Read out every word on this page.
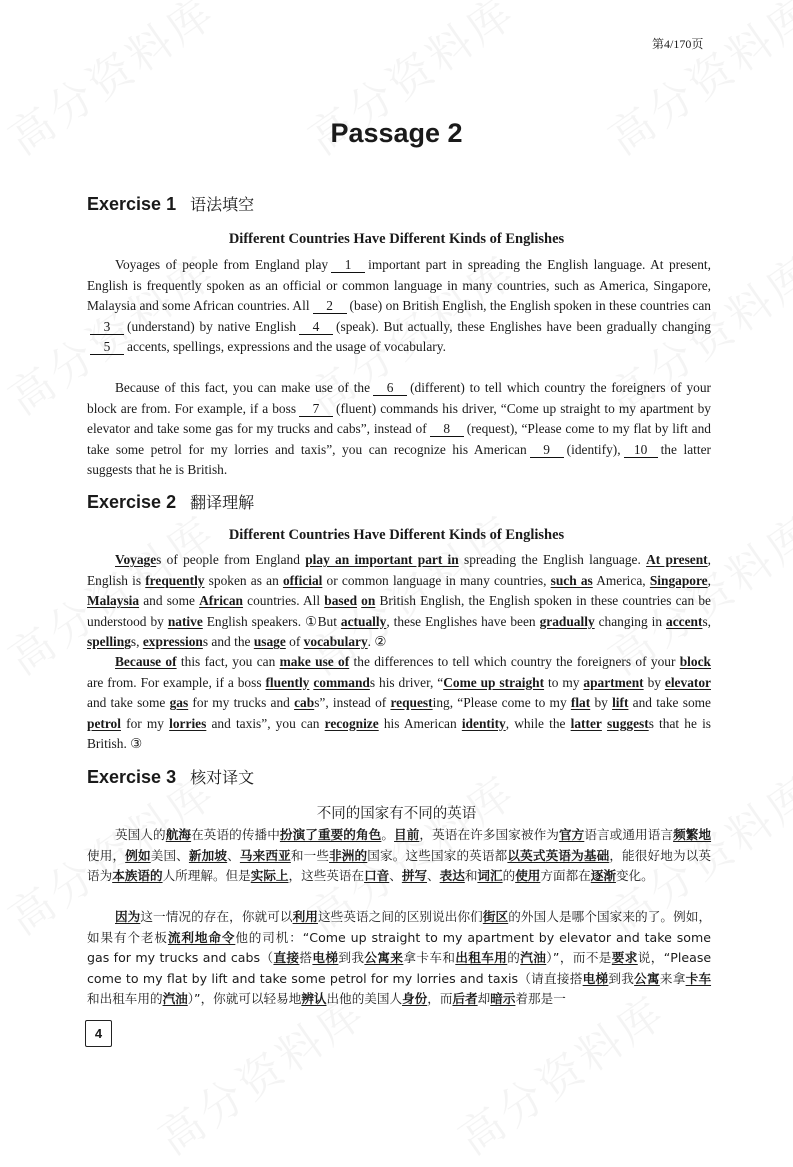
第4/170页
Passage 2
Exercise 1 语法填空
Different Countries Have Different Kinds of Englishes
Voyages of people from England play 1 important part in spreading the English language. At present, English is frequently spoken as an official or common language in many countries, such as America, Singapore, Malaysia and some African countries. All 2 (base) on British English, the English spoken in these countries can3 (understand) by native English 4 (speak). But actually, these Englishes have been gradually changing5 accents, spellings, expressions and the usage of vocabulary.
Because of this fact, you can make use of the 6 (different) to tell which country the foreigners of your block are from. For example, if a boss 7 (fluent) commands his driver, “Come up straight to my apartment by elevator and take some gas for my trucks and cabs”, instead of 8 (request), “Please come to my flat by lift and take some petrol for my lorries and taxis”, you can recognize his American 9 (identify), 10 the latter suggests that he is British.
Exercise 2 翻译理解
Different Countries Have Different Kinds of Englishes
Voyages of people from England play an important part in spreading the English language. At present, English is frequently spoken as an official or common language in many countries, such as America, Singapore, Malaysia and some African countries. All based on British English, the English spoken in these countries can be understood by native English speakers. ①But actually, these Englishes have been gradually changing in accents, spellings, expressions and the usage of vocabulary. ②
Because of this fact, you can make use of the differences to tell which country the foreigners of your block are from. For example, if a boss fluently commands his driver, “Come up straight to my apartment by elevator and take some gas for my trucks and cabs”, instead of requesting, “Please come to my flat by lift and take some petrol for my lorries and taxis”, you can recognize his American identity, while the latter suggests that he is British. ③
Exercise 3 核对译文
不同的国家有不同的英语
英国人的航海在英语的传播中扮演了重要的角色。目前，英语在许多国家被作为官方语言或通用语言频繁地使用，例如美国、新加坡、马来西亚和一些非洲的国家。这些国家的英语都以英式英语为基础，能很好地为以英语为本族语的人所理解。但是实际上，这些英语在口音、拼写、表达和词汇的使用方面都在逐渐变化。
因为这一情况的存在，你就可以利用这些英语之间的区别说出你们街区的外国人是哪个国家来的了。例如，如果有个老板流利地命令他的司机：“Come up straight to my apartment by elevator and take some gas for my trucks and cabs（直接搭电梯到我公寓来拿卡车和出租车用的汽油）”，而不是要求说，“Please come to my flat by lift and take some petrol for my lorries and taxis（请直接搭电梯到我公寓来拿卡车和出租车用的汽油）”，你就可以轻易地辨认出他的美国人身份，而后者却暗示着那是一
4
